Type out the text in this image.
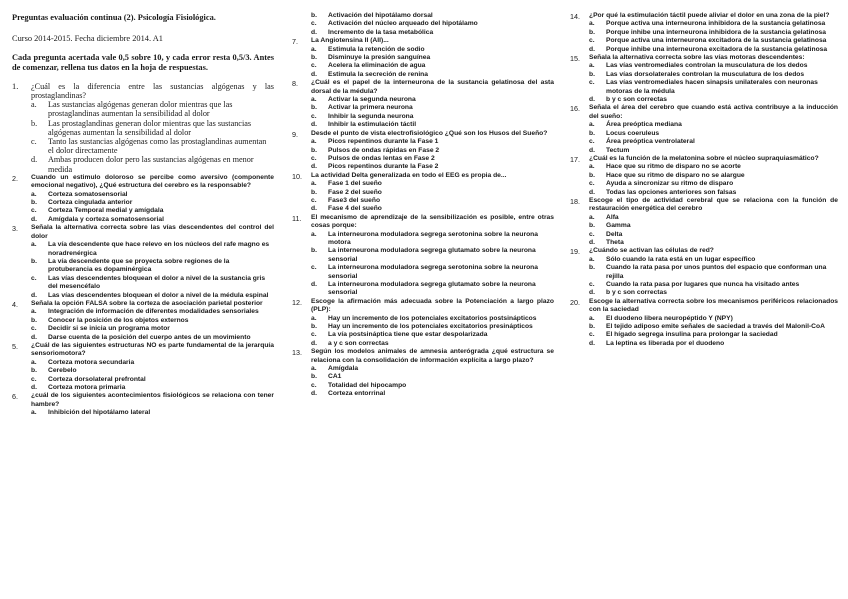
Preguntas evaluación continua (2). Psicología Fisiológica.
Curso 2014-2015. Fecha diciembre 2014. A1
Cada pregunta acertada vale 0,5 sobre 10, y cada error resta 0,5/3. Antes de comenzar, rellena tus datos en la hoja de respuestas.
1. ¿Cuál es la diferencia entre las sustancias algógenas y las prostaglandinas?
a. Las sustancias algógenas generan dolor mientras que las prostaglandinas aumentan la sensibilidad al dolor
b. Las prostaglandinas generan dolor mientras que las sustancias algógenas aumentan la sensibilidad al dolor
c. Tanto las sustancias algógenas como las prostaglandinas aumentan el dolor directamente
d. Ambas producen dolor pero las sustancias algógenas en menor medida
2. Cuando un estimulo doloroso se percibe como aversivo (componente emocional negativo), ¿Qué estructura del cerebro es la responsable?
a. Corteza somatosensorial
b. Corteza cingulada anterior
c. Corteza Temporal medial y amígdala
d. Amígdala y corteza somatosensorial
3. Señala la alternativa correcta sobre las vías descendentes del control del dolor
a. La vía descendente que hace relevo en los núcleos del rafe magno es noradrenérgica
b. La vía descendente que se proyecta sobre regiones de la protuberancia es dopaminérgica
c. Las vías descendentes bloquean el dolor a nivel de la sustancia gris del mesencéfalo
d. Las vías descendentes bloquean el dolor a nivel de la médula espinal
4. Señala la opción FALSA sobre la corteza de asociación parietal posterior
a. Integración de información de diferentes modalidades sensoriales
b. Conocer la posición de los objetos externos
c. Decidir si se inicia un programa motor
d. Darse cuenta de la posición del cuerpo antes de un movimiento
5. ¿Cuál de las siguientes estructuras NO es parte fundamental de la jerarquía sensoriomotora?
a. Corteza motora secundaria
b. Cerebelo
c. Corteza dorsolateral prefrontal
d. Corteza motora primaria
6. ¿cuál de los siguientes acontecimientos fisiológicos se relaciona con tener hambre?
a. Inhibición del hipotálamo lateral
b. Activación del hipotálamo dorsal
c. Activación del núcleo arqueado del hipotálamo
d. Incremento de la tasa metabólica
7. La Angiotensina II (AII)...
a. Estimula la retención de sodio
b. Disminuye la presión sanguínea
c. Acelera la eliminación de agua
d. Estimula la secreción de renina
8. ¿Cuál es el papel de la interneurona de la sustancia gelatinosa del asta dorsal de la médula?
a. Activar la segunda neurona
b. Activar la primera neurona
c. Inhibir la segunda neurona
d. Inhibir la estimulación táctil
9. Desde el punto de vista electrofisiológico ¿Qué son los Husos del Sueño?
a. Picos repentinos durante la Fase 1
b. Pulsos de ondas rápidas en Fase 2
c. Pulsos de ondas lentas en Fase 2
d. Picos repentinos durante la Fase 2
10. La actividad Delta generalizada en todo el EEG es propia de...
a. Fase 1 del sueño
b. Fase 2 del sueño
c. Fase3 del sueño
d. Fase 4 del sueño
11. El mecanismo de aprendizaje de la sensibilización es posible, entre otras cosas porque:
a. La interneurona moduladora segrega serotonina sobre la neurona motora
b. La interneurona moduladora segrega glutamato sobre la neurona sensorial
c. La interneurona moduladora segrega serotonina sobre la neurona sensorial
d. La interneurona moduladora segrega glutamato sobre la neurona sensorial
12. Escoge la afirmación más adecuada sobre la Potenciación a largo plazo (PLP):
a. Hay un incremento de los potenciales excitatorios postsinápticos
b. Hay un incremento de los potenciales excitatorios presinápticos
c. La vía postsináptica tiene que estar despolarizada
d. a y c son correctas
13. Según los modelos animales de amnesia anterógrada ¿qué estructura se relaciona con la consolidación de información explícita a largo plazo?
a. Amígdala
b. CA1
c. Totalidad del hipocampo
d. Corteza entorrinal
14. ¿Por qué la estimulación táctil puede aliviar el dolor en una zona de la piel?
a. Porque activa una interneurona inhibidora de la sustancia gelatinosa
b. Porque inhibe una interneurona inhibidora de la sustancia gelatinosa
c. Porque activa una interneurona excitadora de la sustancia gelatinosa
d. Porque inhibe una interneurona excitadora de la sustancia gelatinosa
15. Señala la alternativa correcta sobre las vías motoras descendentes:
a. Las vías ventromediales controlan la musculatura de los dedos
b. Las vías dorsolaterales controlan la musculatura de los dedos
c. Las vías ventromediales hacen sinapsis unilaterales con neuronas motoras de la médula
d. b y c son correctas
16. Señala el área del cerebro que cuando está activa contribuye a la inducción del sueño:
a. Área preóptica mediana
b. Locus coeruleus
c. Área preóptica ventrolateral
d. Tectum
17. ¿Cuál es la función de la melatonina sobre el núcleo supraquiasmático?
a. Hace que su ritmo de disparo no se acorte
b. Hace que su ritmo de disparo no se alargue
c. Ayuda a sincronizar su ritmo de disparo
d. Todas las opciones anteriores son falsas
18. Escoge el tipo de actividad cerebral que se relaciona con la función de restauración energética del cerebro
a. Alfa
b. Gamma
c. Delta
d. Theta
19. ¿Cuándo se activan las células de red?
a. Sólo cuando la rata está en un lugar específico
b. Cuando la rata pasa por unos puntos del espacio que conforman una rejilla
c. Cuando la rata pasa por lugares que nunca ha visitado antes
d. b y c son correctas
20. Escoge la alternativa correcta sobre los mecanismos periféricos relacionados con la saciedad
a. El duodeno libera neuropéptido Y (NPY)
b. El tejido adiposo emite señales de saciedad a través del Malonil-CoA
c. El hígado segrega insulina para prolongar la saciedad
d. La leptina es liberada por el duodeno
